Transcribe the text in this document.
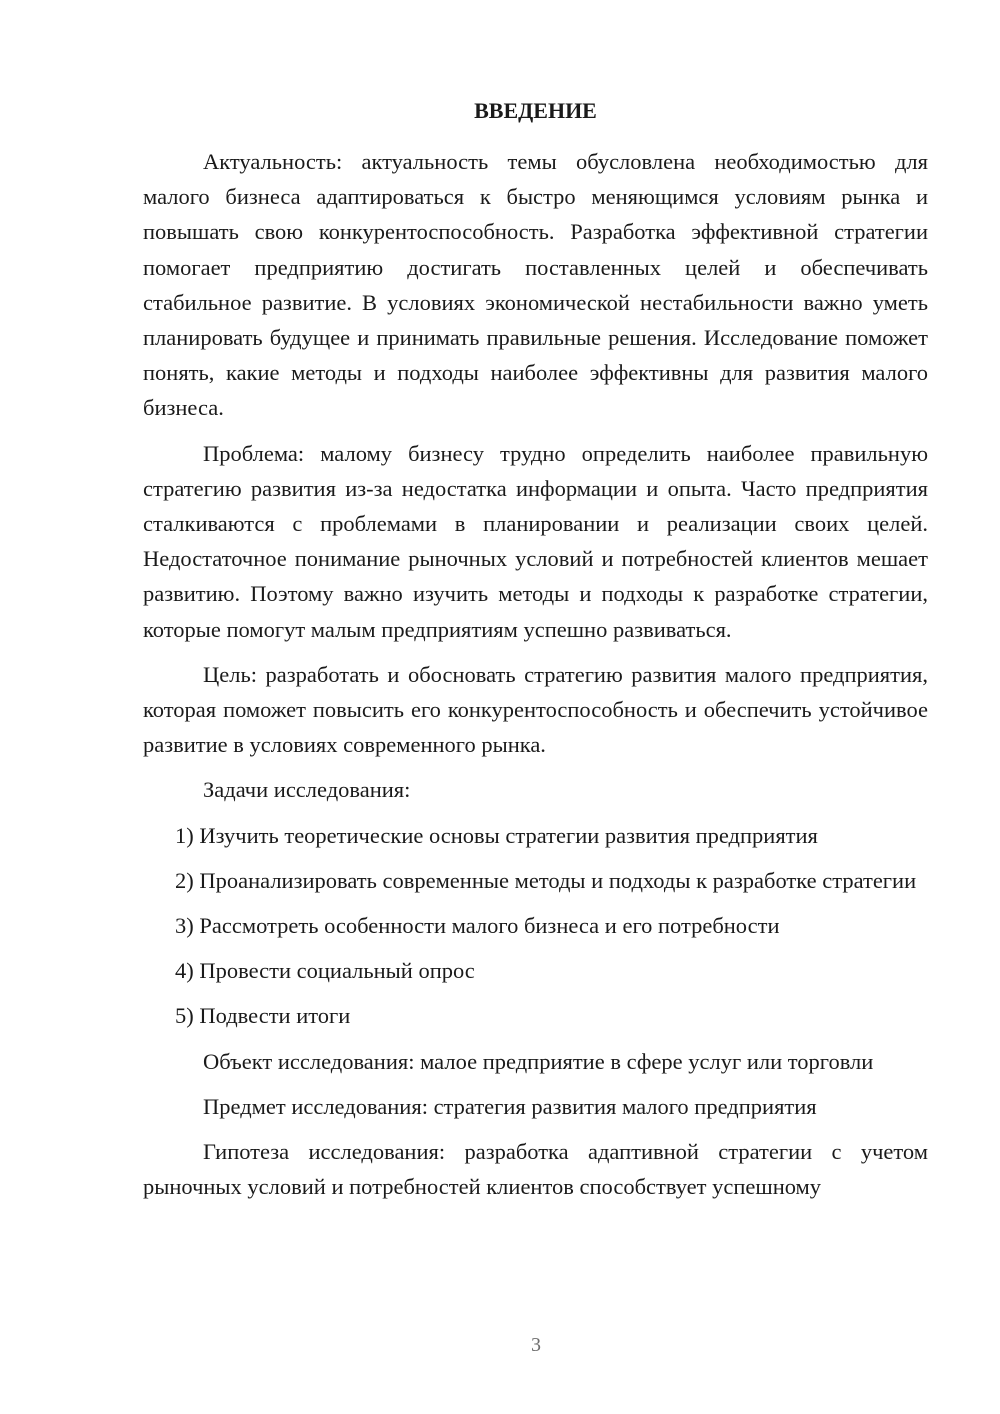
ВВЕДЕНИЕ

Актуальность: актуальность темы обусловлена необходимостью для малого бизнеса адаптироваться к быстро меняющимся условиям рынка и повышать свою конкурентоспособность. Разработка эффективной стратегии помогает предприятию достигать поставленных целей и обеспечивать стабильное развитие. В условиях экономической нестабильности важно уметь планировать будущее и принимать правильные решения. Исследование поможет понять, какие методы и подходы наиболее эффективны для развития малого бизнеса.

Проблема: малому бизнесу трудно определить наиболее правильную стратегию развития из-за недостатка информации и опыта. Часто предприятия сталкиваются с проблемами в планировании и реализации своих целей. Недостаточное понимание рыночных условий и потребностей клиентов мешает развитию. Поэтому важно изучить методы и подходы к разработке стратегии, которые помогут малым предприятиям успешно развиваться.

Цель: разработать и обосновать стратегию развития малого предприятия, которая поможет повысить его конкурентоспособность и обеспечить устойчивое развитие в условиях современного рынка.

Задачи исследования:

1) Изучить теоретические основы стратегии развития предприятия

2) Проанализировать современные методы и подходы к разработке стратегии

3) Рассмотреть особенности малого бизнеса и его потребности

4) Провести социальный опрос

5) Подвести итоги

Объект исследования: малое предприятие в сфере услуг или торговли

Предмет исследования: стратегия развития малого предприятия

Гипотеза исследования: разработка адаптивной стратегии с учетом рыночных условий и потребностей клиентов способствует успешному

3
